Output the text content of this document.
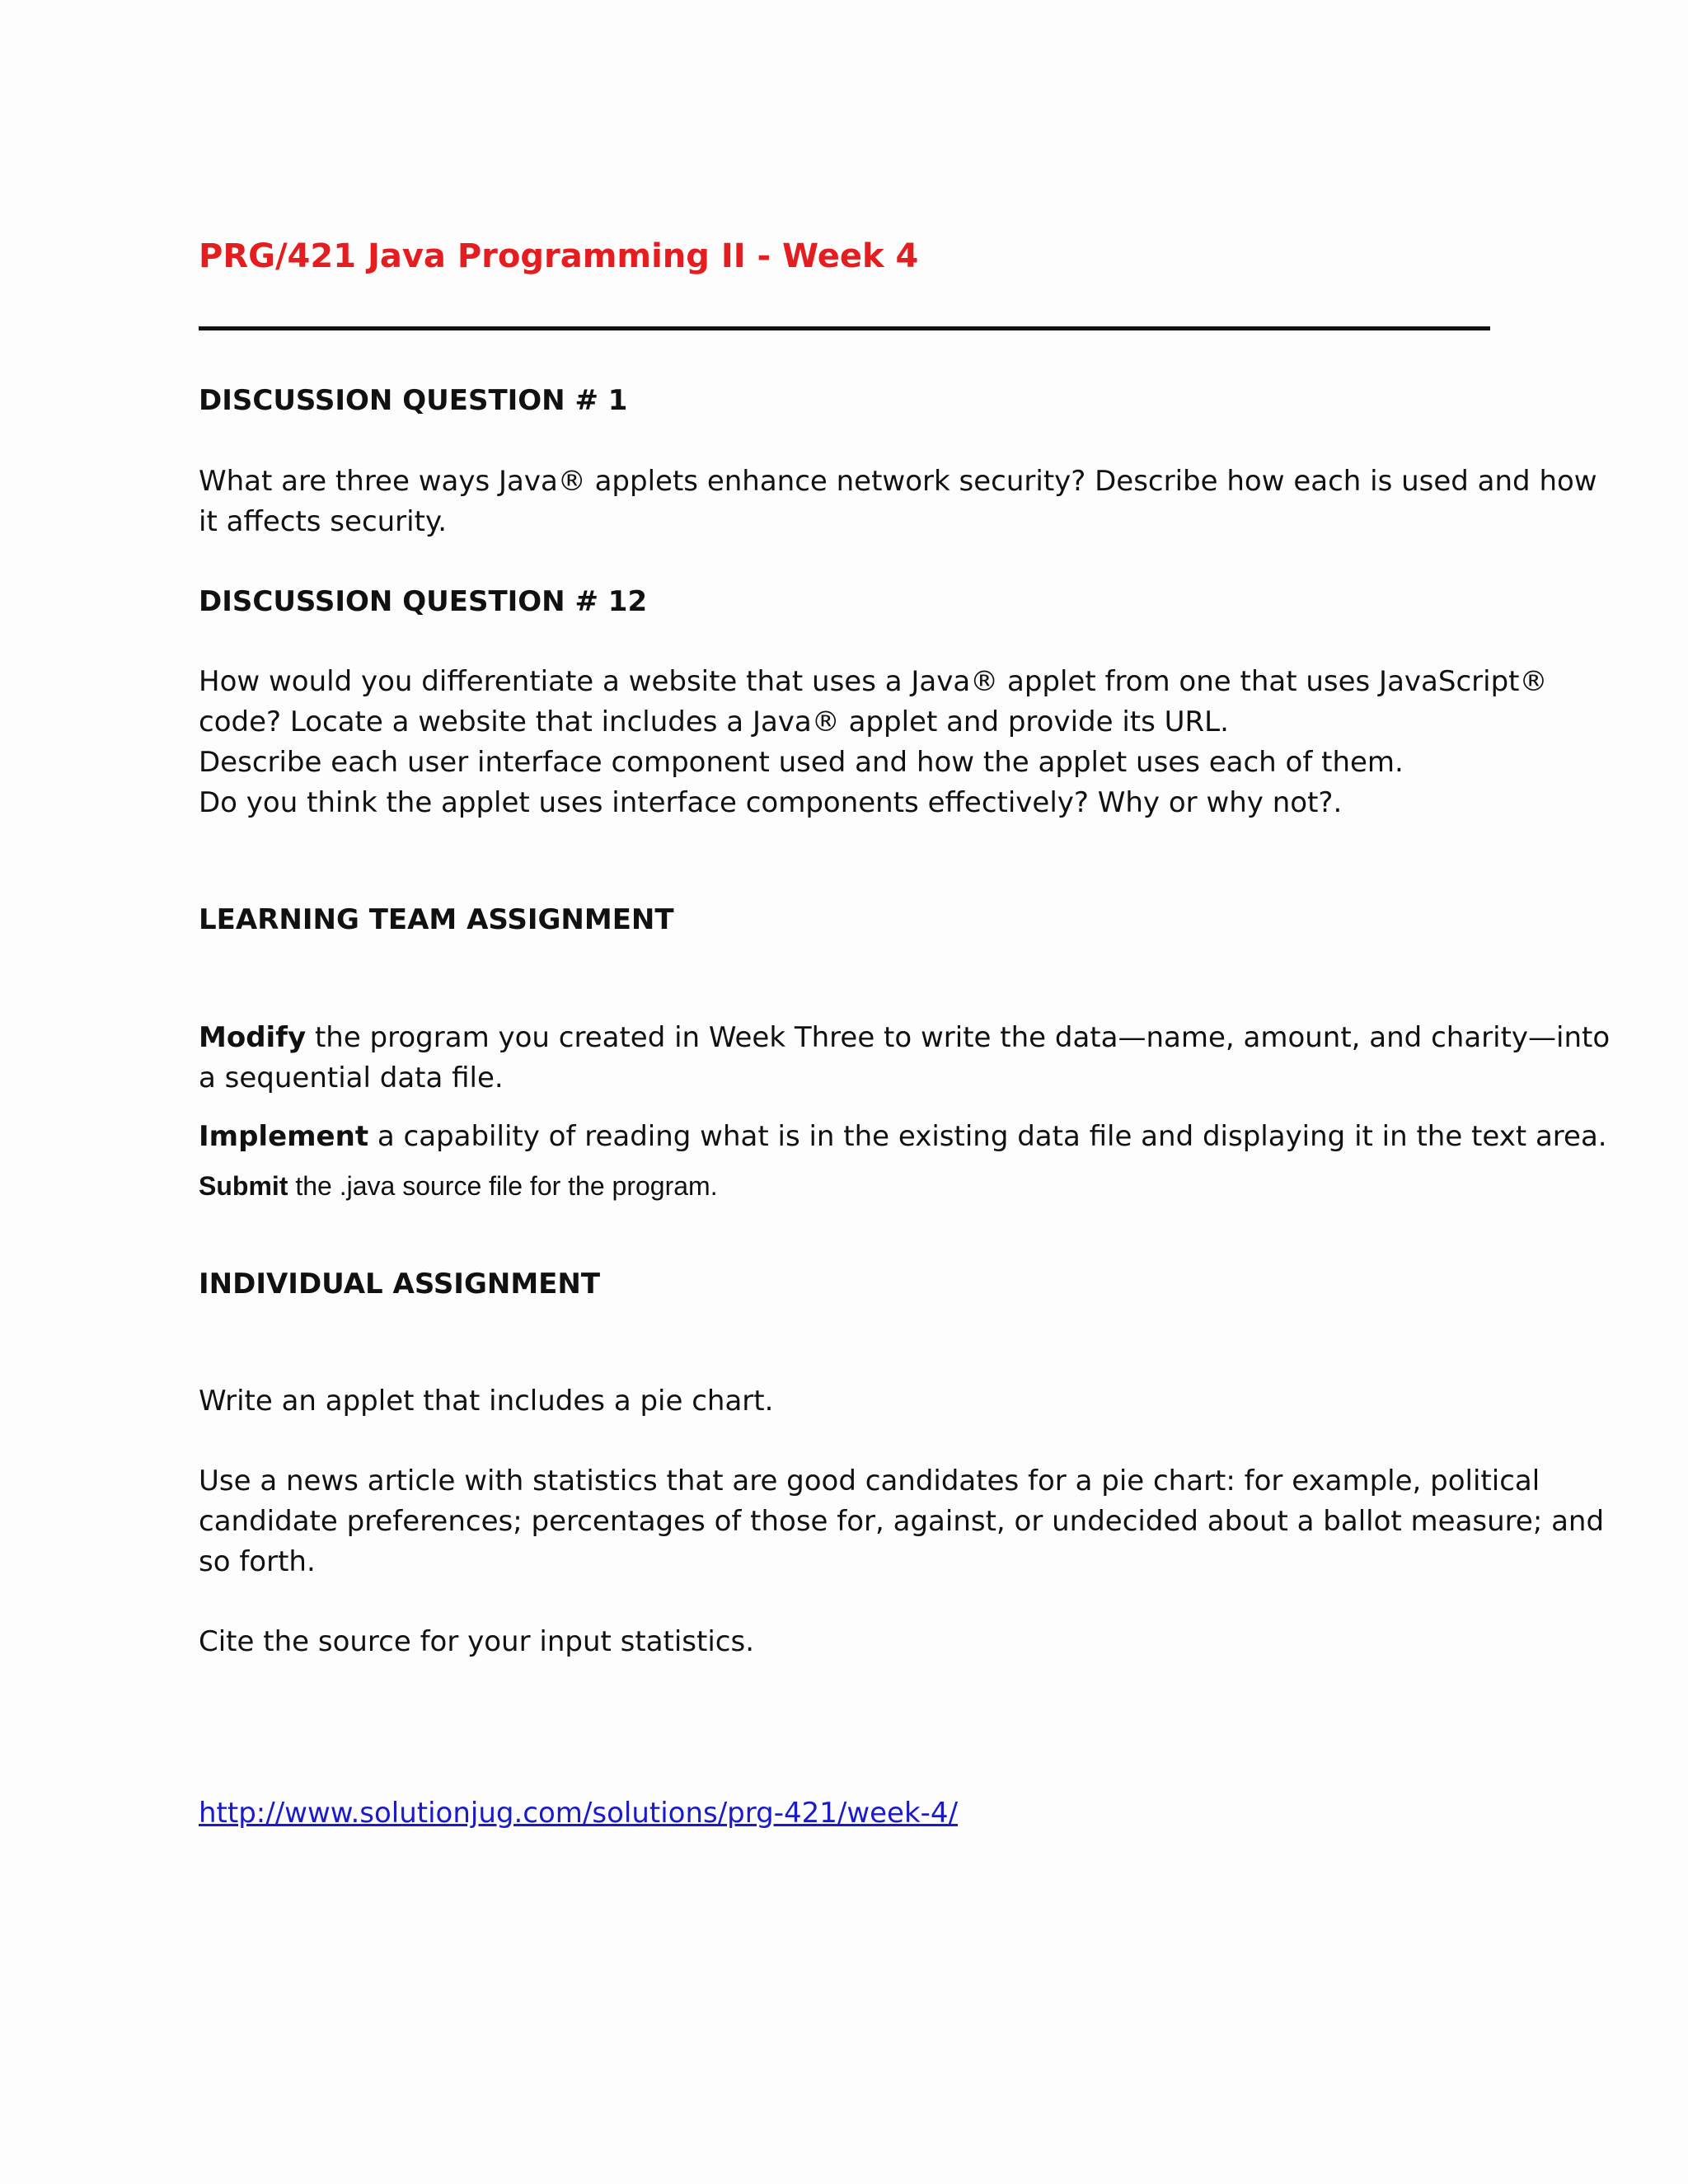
PRG/421 Java Programming II - Week 4
DISCUSSION QUESTION # 1

What are three ways Java® applets enhance network security? Describe how each is used and how
it affects security.

DISCUSSION QUESTION # 12

How would you differentiate a website that uses a Java® applet from one that uses JavaScript®
code? Locate a website that includes a Java® applet and provide its URL.
Describe each user interface component used and how the applet uses each of them.
Do you think the applet uses interface components effectively? Why or why not?.

LEARNING TEAM ASSIGNMENT

Modify the program you created in Week Three to write the data—name, amount, and charity—into
a sequential data file.

Implement a capability of reading what is in the existing data file and displaying it in the text area.

Submit the .java source file for the program.

INDIVIDUAL ASSIGNMENT

Write an applet that includes a pie chart.

Use a news article with statistics that are good candidates for a pie chart: for example, political
candidate preferences; percentages of those for, against, or undecided about a ballot measure; and
so forth.

Cite the source for your input statistics.

http://www.solutionjug.com/solutions/prg-421/week-4/
